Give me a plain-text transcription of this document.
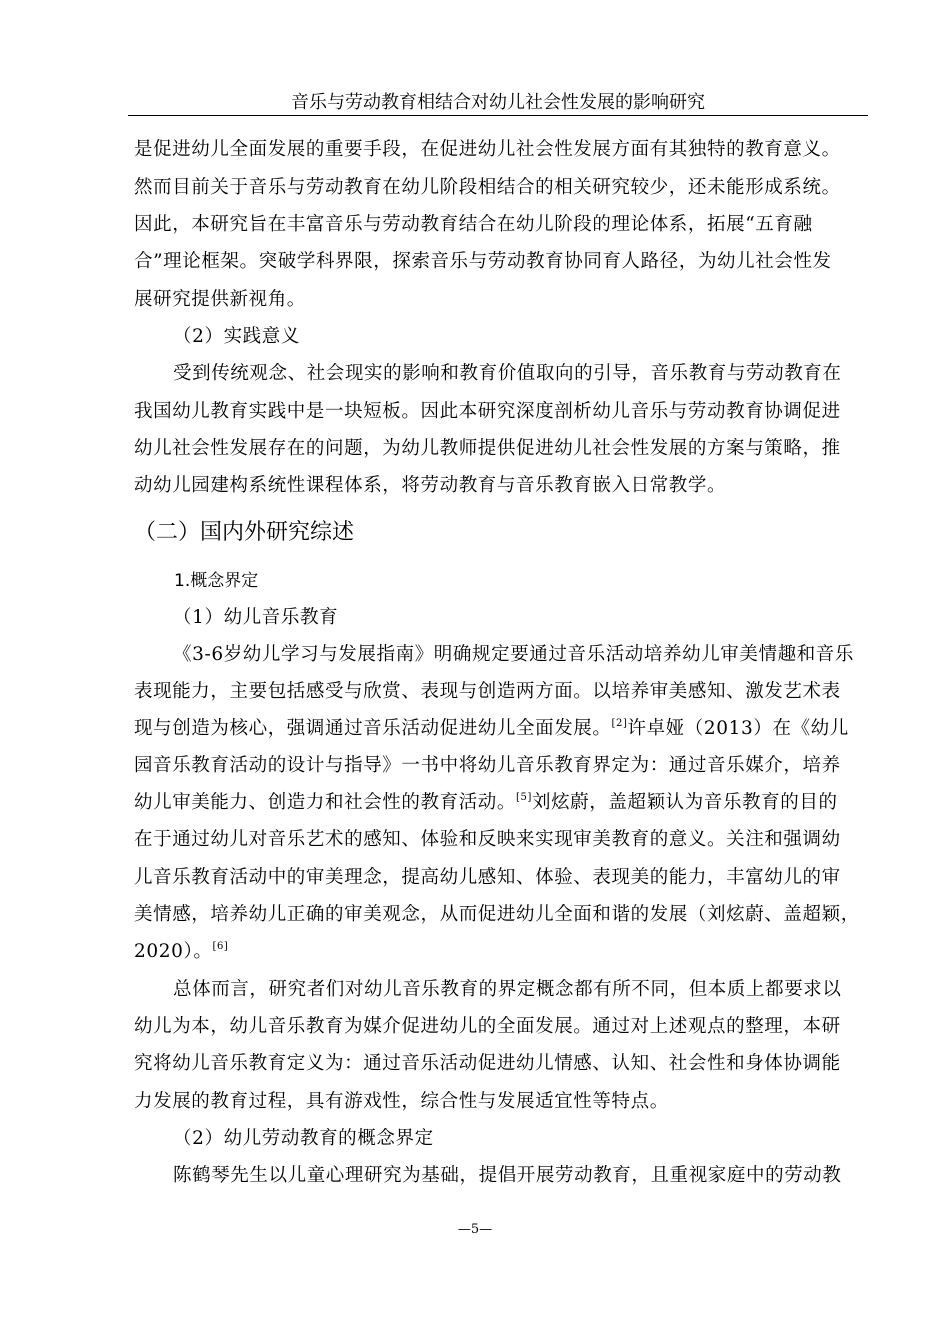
音乐与劳动教育相结合对幼儿社会性发展的影响研究
是促进幼儿全面发展的重要手段，在促进幼儿社会性发展方面有其独特的教育意义。
然而目前关于音乐与劳动教育在幼儿阶段相结合的相关研究较少，还未能形成系统。
因此，本研究旨在丰富音乐与劳动教育结合在幼儿阶段的理论体系，拓展“五育融
合”理论框架。突破学科界限，探索音乐与劳动教育协同育人路径，为幼儿社会性发
展研究提供新视角。
（2）实践意义
受到传统观念、社会现实的影响和教育价值取向的引导，音乐教育与劳动教育在
我国幼儿教育实践中是一块短板。因此本研究深度剖析幼儿音乐与劳动教育协调促进
幼儿社会性发展存在的问题，为幼儿教师提供促进幼儿社会性发展的方案与策略，推
动幼儿园建构系统性课程体系，将劳动教育与音乐教育嵌入日常教学。
（二）国内外研究综述
1.概念界定
（1）幼儿音乐教育
《3-6岁幼儿学习与发展指南》明确规定要通过音乐活动培养幼儿审美情趣和音乐
表现能力，主要包括感受与欣赏、表现与创造两方面。以培养审美感知、激发艺术表
现与创造为核心，强调通过音乐活动促进幼儿全面发展。[2]许卓娅（2013）在《幼儿
园音乐教育活动的设计与指导》一书中将幼儿音乐教育界定为：通过音乐媒介，培养
幼儿审美能力、创造力和社会性的教育活动。[5]刘炫蔚，盖超颖认为音乐教育的目的
在于通过幼儿对音乐艺术的感知、体验和反映来实现审美教育的意义。关注和强调幼
儿音乐教育活动中的审美理念，提高幼儿感知、体验、表现美的能力，丰富幼儿的审
美情感，培养幼儿正确的审美观念，从而促进幼儿全面和谐的发展（刘炫蔚、盖超颖，
2020）。[6]
总体而言，研究者们对幼儿音乐教育的界定概念都有所不同，但本质上都要求以
幼儿为本，幼儿音乐教育为媒介促进幼儿的全面发展。通过对上述观点的整理，本研
究将幼儿音乐教育定义为：通过音乐活动促进幼儿情感、认知、社会性和身体协调能
力发展的教育过程，具有游戏性，综合性与发展适宜性等特点。
（2）幼儿劳动教育的概念界定
陈鹤琴先生以儿童心理研究为基础，提倡开展劳动教育，且重视家庭中的劳动教
—5—
